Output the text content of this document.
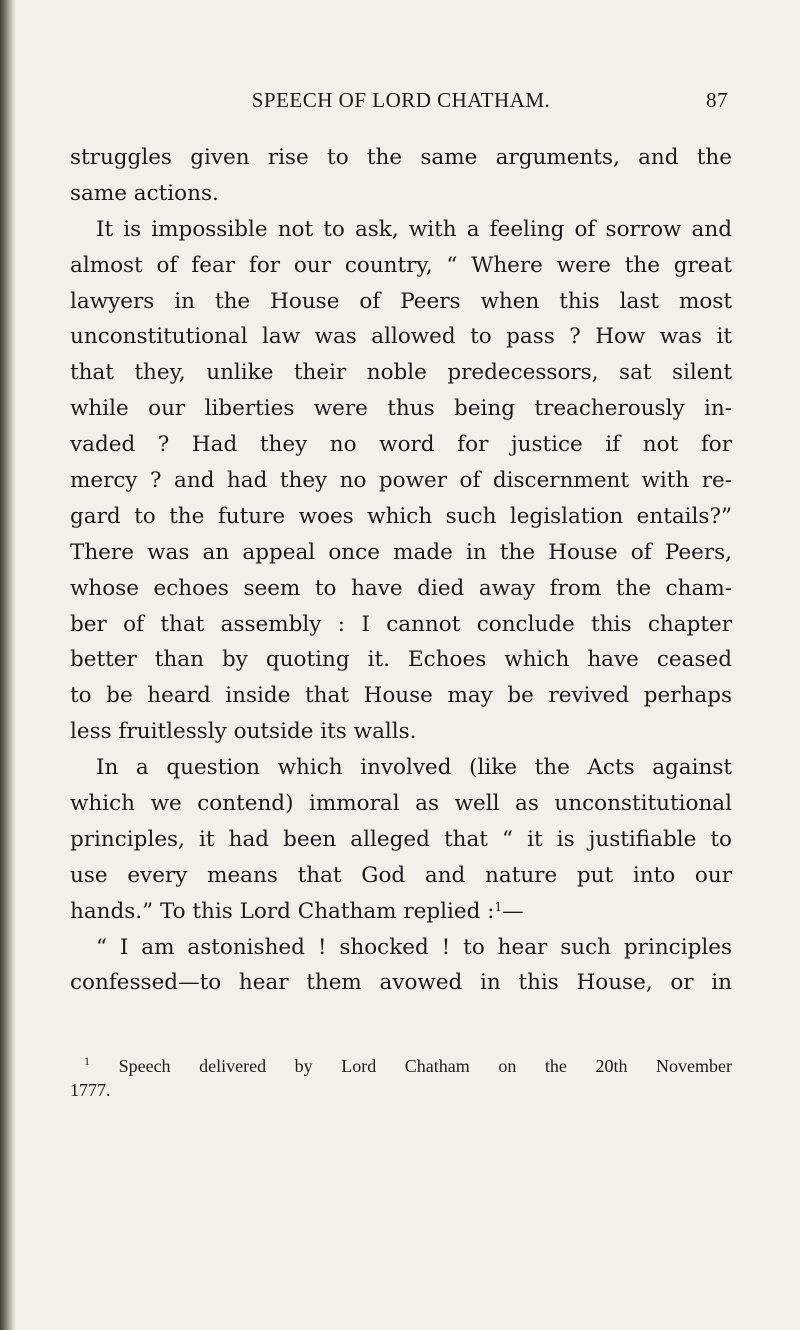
SPEECH OF LORD CHATHAM.	87
struggles given rise to the same arguments, and the
same actions.
It is impossible not to ask, with a feeling of sorrow and
almost of fear for our country, “ Where were the great
lawyers in the House of Peers when this last most
unconstitutional law was allowed to pass ? How was it
that they, unlike their noble predecessors, sat silent
while our liberties were thus being treacherously in-
vaded ? Had they no word for justice if not for
mercy ? and had they no power of discernment with re-
gard to the future woes which such legislation entails?”
There was an appeal once made in the House of Peers,
whose echoes seem to have died away from the cham-
ber of that assembly : I cannot conclude this chapter
better than by quoting it. Echoes which have ceased
to be heard inside that House may be revived perhaps
less fruitlessly outside its walls.
In a question which involved (like the Acts against
which we contend) immoral as well as unconstitutional
principles, it had been alleged that “ it is justifiable to
use every means that God and nature put into our
hands.” To this Lord Chatham replied :$^1$—
“ I am astonished ! shocked ! to hear such principles
confessed—to hear them avowed in this House, or in
$^1$ Speech delivered by Lord Chatham on the 20th November
1777.
